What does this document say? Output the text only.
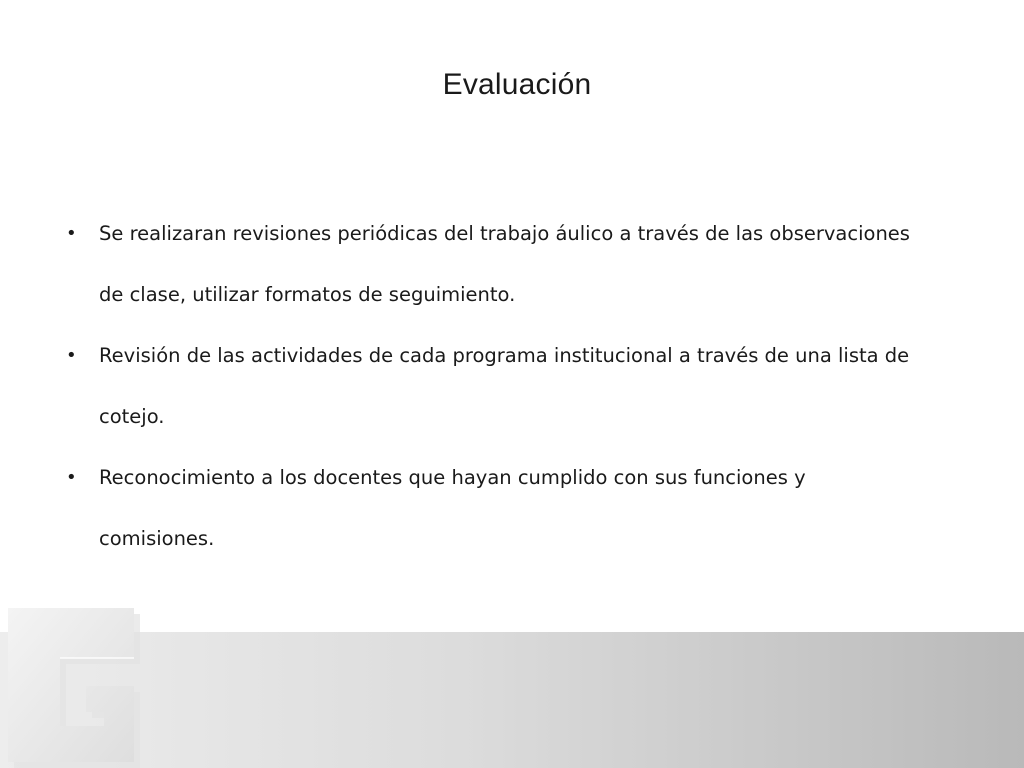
Evaluación
• Se realizaran revisiones periódicas del trabajo áulico a través de las observaciones de clase, utilizar formatos de seguimiento.
• Revisión de las actividades de cada programa institucional a través de una lista de cotejo.
• Reconocimiento a los docentes que hayan cumplido con sus funciones y comisiones.
